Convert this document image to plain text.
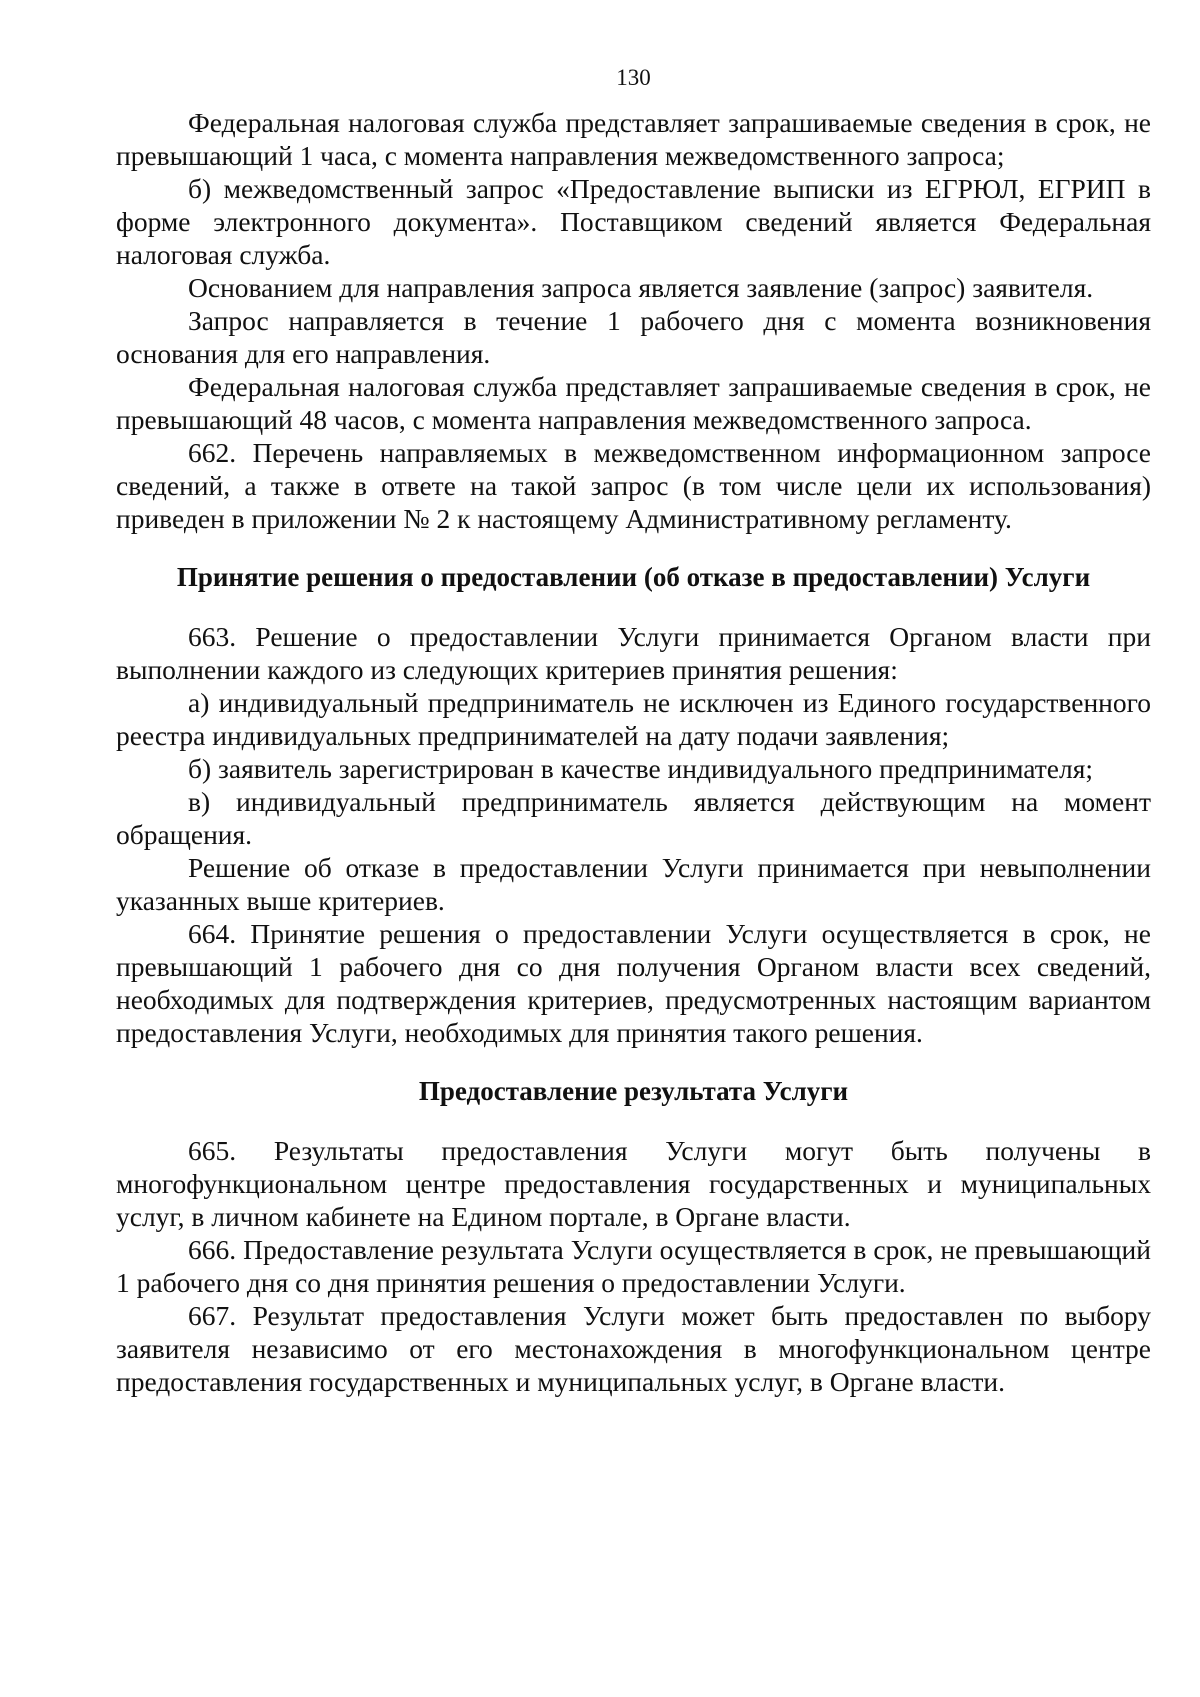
130

Федеральная налоговая служба представляет запрашиваемые сведения в срок, не превышающий 1 часа, с момента направления межведомственного запроса;

б) межведомственный запрос «Предоставление выписки из ЕГРЮЛ, ЕГРИП в форме электронного документа». Поставщиком сведений является Федеральная налоговая служба.

Основанием для направления запроса является заявление (запрос) заявителя.

Запрос направляется в течение 1 рабочего дня с момента возникновения основания для его направления.

Федеральная налоговая служба представляет запрашиваемые сведения в срок, не превышающий 48 часов, с момента направления межведомственного запроса.

662. Перечень направляемых в межведомственном информационном запросе сведений, а также в ответе на такой запрос (в том числе цели их использования) приведен в приложении № 2 к настоящему Административному регламенту.

Принятие решения о предоставлении (об отказе в предоставлении) Услуги

663. Решение о предоставлении Услуги принимается Органом власти при выполнении каждого из следующих критериев принятия решения:

а) индивидуальный предприниматель не исключен из Единого государственного реестра индивидуальных предпринимателей на дату подачи заявления;

б) заявитель зарегистрирован в качестве индивидуального предпринимателя;

в) индивидуальный предприниматель является действующим на момент обращения.

Решение об отказе в предоставлении Услуги принимается при невыполнении указанных выше критериев.

664. Принятие решения о предоставлении Услуги осуществляется в срок, не превышающий 1 рабочего дня со дня получения Органом власти всех сведений, необходимых для подтверждения критериев, предусмотренных настоящим вариантом предоставления Услуги, необходимых для принятия такого решения.

Предоставление результата Услуги

665. Результаты предоставления Услуги могут быть получены в многофункциональном центре предоставления государственных и муниципальных услуг, в личном кабинете на Едином портале, в Органе власти.

666. Предоставление результата Услуги осуществляется в срок, не превышающий 1 рабочего дня со дня принятия решения о предоставлении Услуги.

667. Результат предоставления Услуги может быть предоставлен по выбору заявителя независимо от его местонахождения в многофункциональном центре предоставления государственных и муниципальных услуг, в Органе власти.
